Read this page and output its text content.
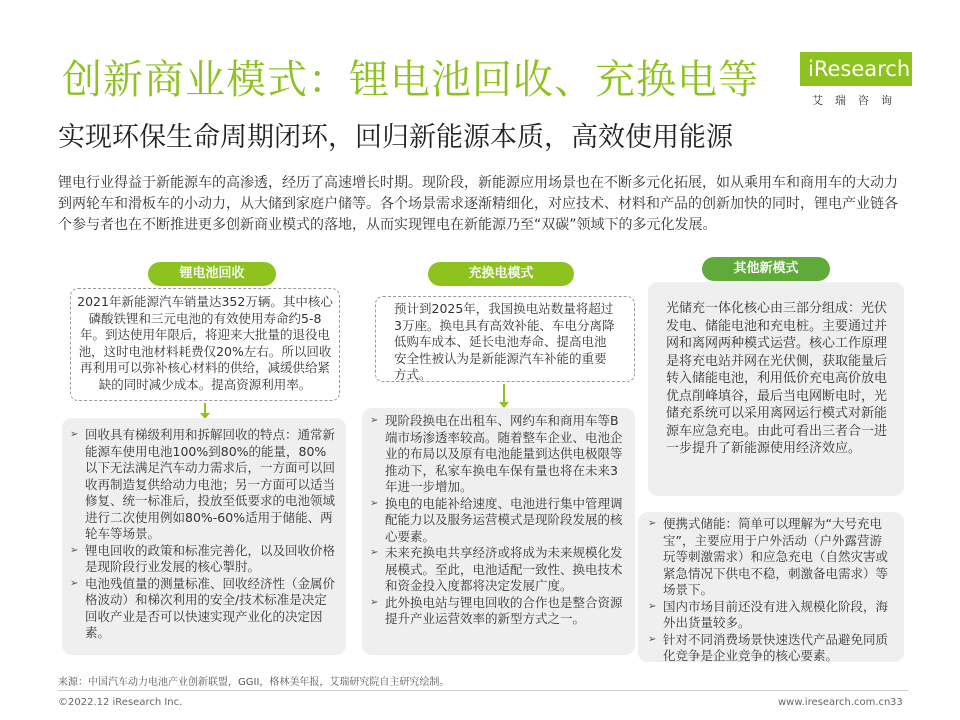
创新商业模式：锂电池回收、充换电等 iResearch
艾瑞咨询
实现环保生命周期闭环，回归新能源本质，高效使用能源

锂电行业得益于新能源车的高渗透，经历了高速增长时期。现阶段，新能源应用场景也在不断多元化拓展，如从乘用车和商用车的大动力到两轮车和滑板车的小动力，从大储到家庭户储等。各个场景需求逐渐精细化，对应技术、材料和产品的创新加快的同时，锂电产业链各个参与者也在不断推进更多创新商业模式的落地，从而实现锂电在新能源乃至“双碳”领域下的多元化发展。

锂电池回收
2021年新能源汽车销量达352万辆。其中核心磷酸铁锂和三元电池的有效使用寿命约5-8年。到达使用年限后，将迎来大批量的退役电池，这时电池材料耗费仅20%左右。所以回收再利用可以弥补核心材料的供给，减缓供给紧缺的同时减少成本。提高资源利用率。
➢ 回收具有梯级利用和拆解回收的特点：通常新能源车使用电池100%到80%的能量，80%以下无法满足汽车动力需求后，一方面可以回收再制造复供给动力电池；另一方面可以适当修复、统一标准后，投放至低要求的电池领域进行二次使用例如80%-60%适用于储能、两轮车等场景。
➢ 锂电回收的政策和标准完善化，以及回收价格是现阶段行业发展的核心掣肘。
➢ 电池残值量的测量标准、回收经济性（金属价格波动）和梯次利用的安全/技术标准是决定回收产业是否可以快速实现产业化的决定因素。
充换电模式
预计到2025年，我国换电站数量将超过3万座。换电具有高效补能、车电分离降低购车成本、延长电池寿命、提高电池安全性被认为是新能源汽车补能的重要方式。
➢ 现阶段换电在出租车、网约车和商用车等B端市场渗透率较高。随着整车企业、电池企业的布局以及原有电池能量到达供电极限等推动下，私家车换电车保有量也将在未来3年进一步增加。
➢ 换电的电能补给速度、电池进行集中管理调配能力以及服务运营模式是现阶段发展的核心要素。
➢ 未来充换电共享经济或将成为未来规模化发展模式。至此，电池适配一致性、换电技术和资金投入度都将决定发展广度。
➢ 此外换电站与锂电回收的合作也是整合资源提升产业运营效率的新型方式之一。
其他新模式
光储充一体化核心由三部分组成：光伏发电、储能电池和充电桩。主要通过并网和离网两种模式运营。核心工作原理是将充电站并网在光伏侧，获取能量后转入储能电池，利用低价充电高价放电优点削峰填谷，最后当电网断电时，光储充系统可以采用离网运行模式对新能源车应急充电。由此可看出三者合一进一步提升了新能源使用经济效应。
➢ 便携式储能：简单可以理解为“大号充电宝”，主要应用于户外活动（户外露营游玩等刺激需求）和应急充电（自然灾害或紧急情况下供电不稳，刺激备电需求）等场景下。
➢ 国内市场目前还没有进入规模化阶段，海外出货量较多。
➢ 针对不同消费场景快速迭代产品避免同质化竞争是企业竞争的核心要素。
来源：中国汽车动力电池产业创新联盟，GGII，格林美年报，艾瑞研究院自主研究绘制。
©2022.12 iResearch Inc.	www.iresearch.com.cn 33
